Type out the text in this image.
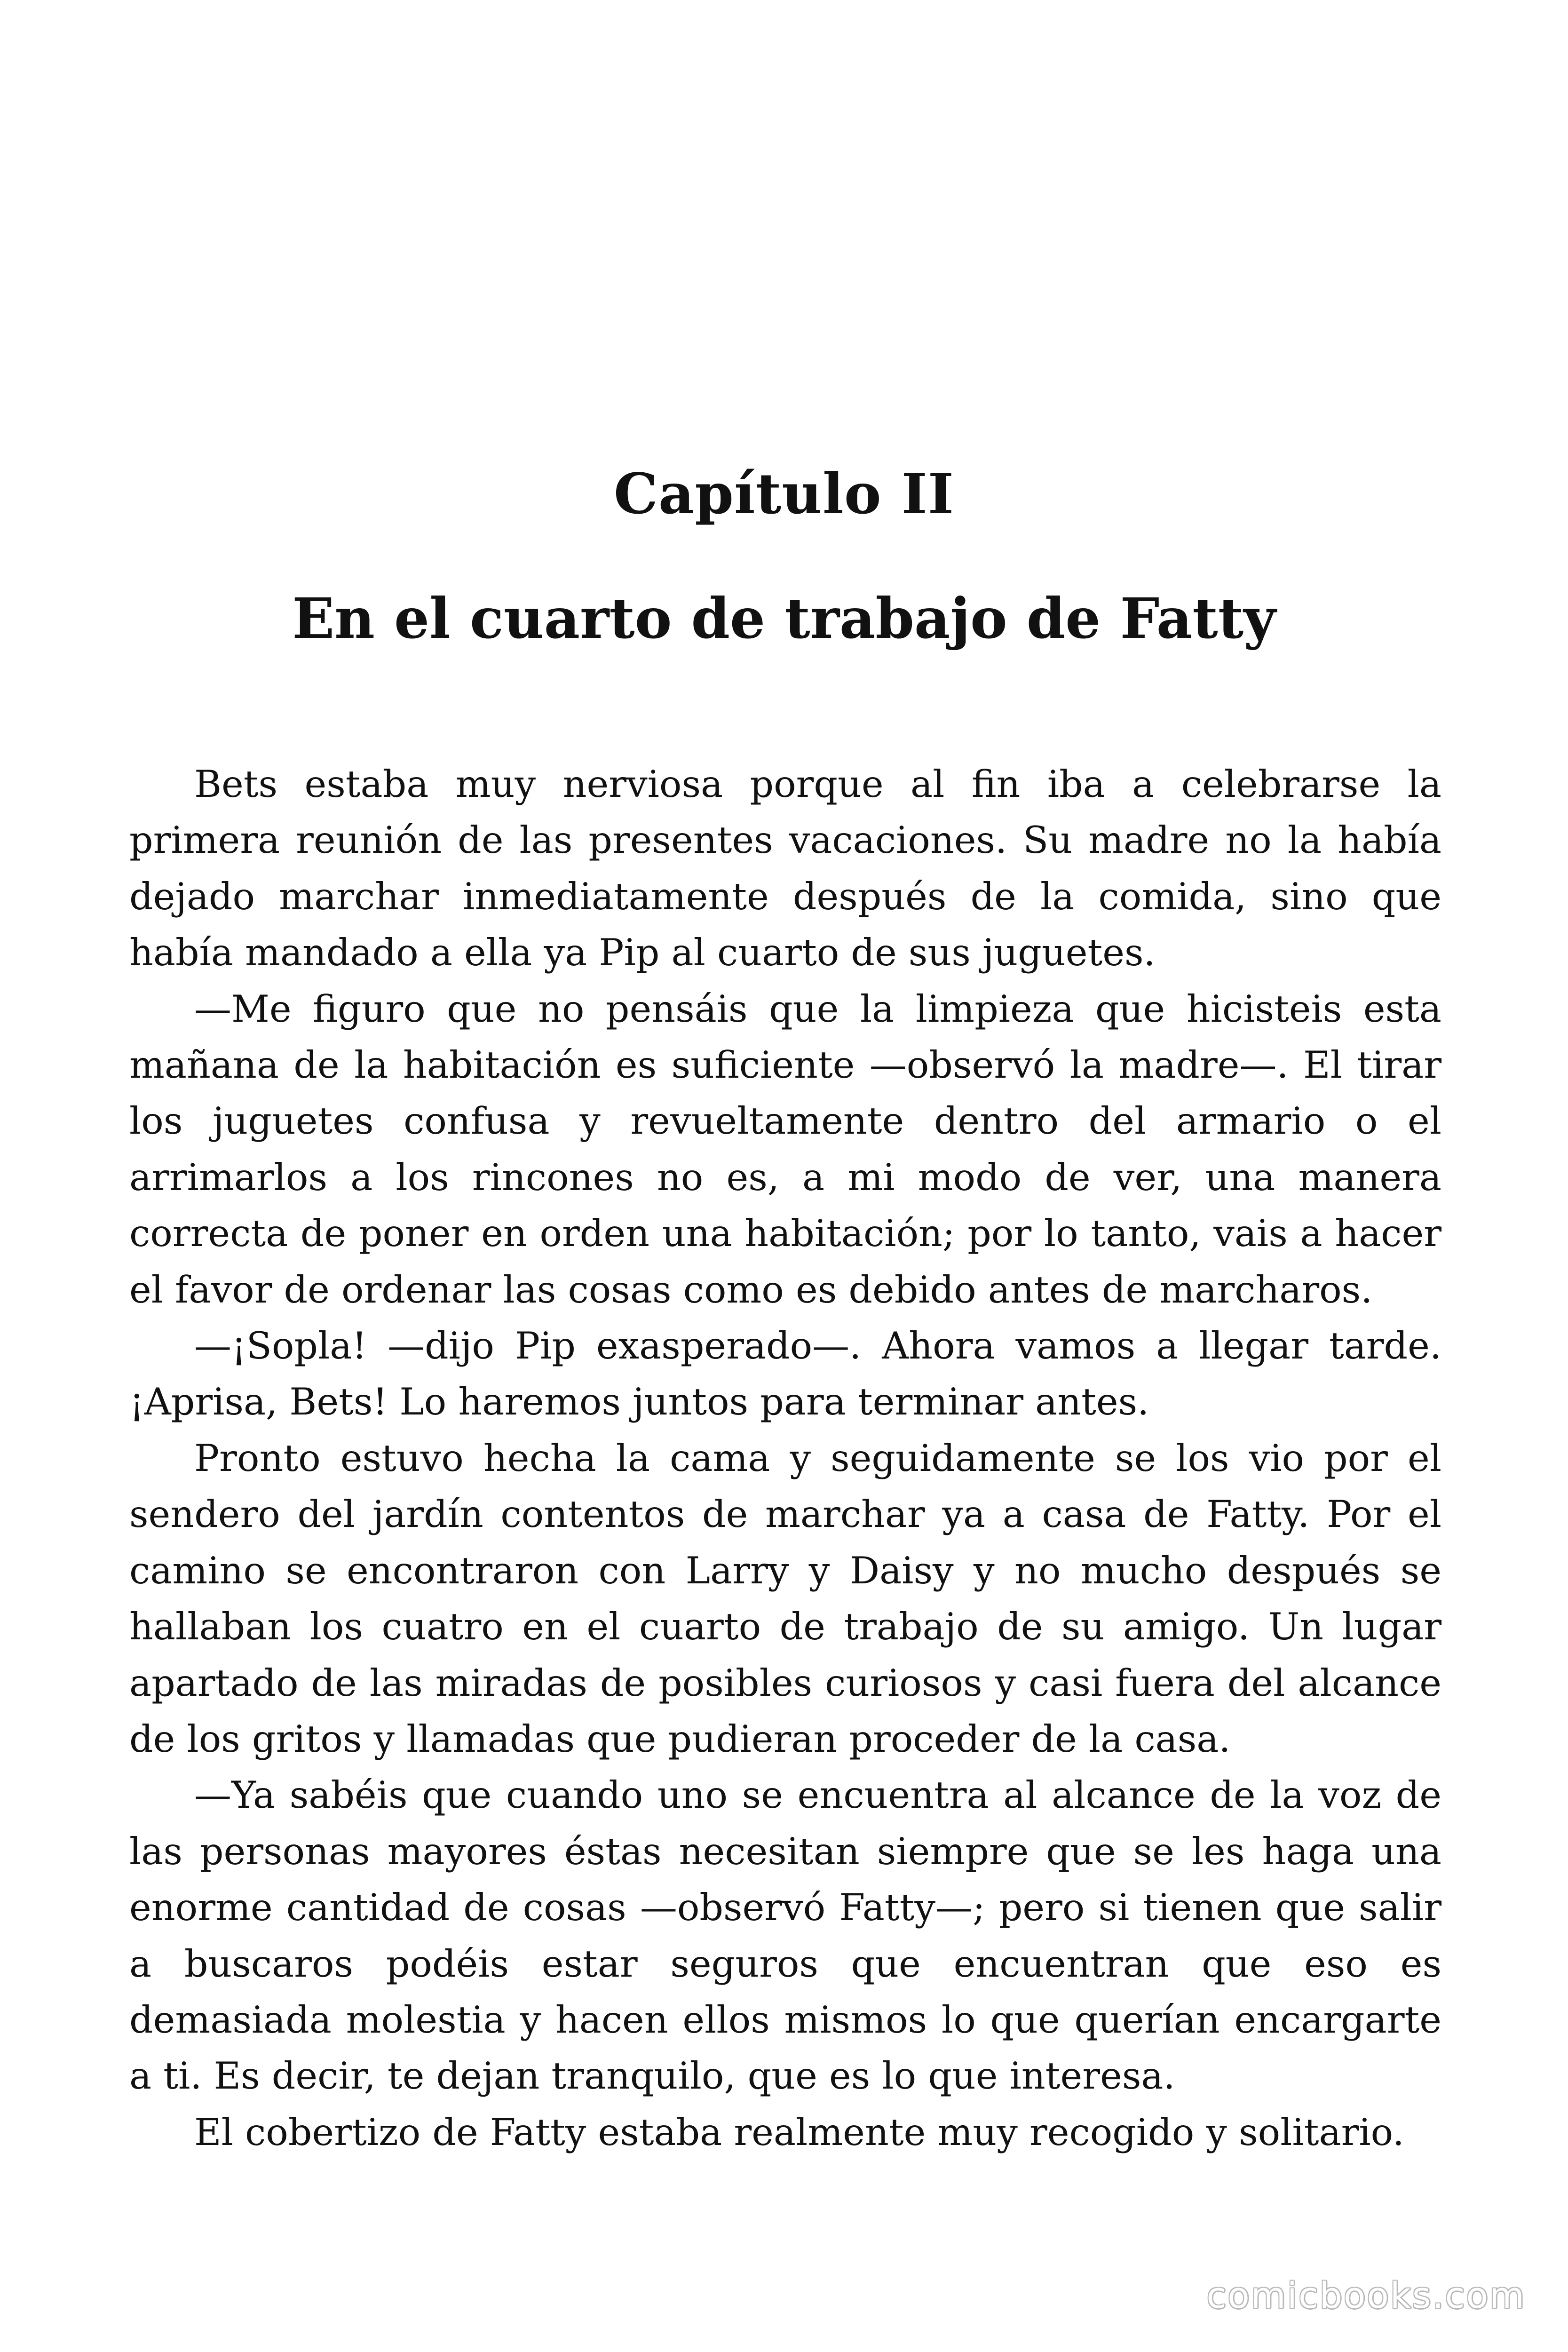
Capítulo II
En el cuarto de trabajo de Fatty

Bets estaba muy nerviosa porque al fin iba a celebrarse la primera reunión de las presentes vacaciones. Su madre no la había dejado marchar inmediatamente después de la comida, sino que había mandado a ella ya Pip al cuarto de sus juguetes.

—Me figuro que no pensáis que la limpieza que hicisteis esta mañana de la habitación es suficiente —observó la madre—. El tirar los juguetes confusa y revueltamente dentro del armario o el arrimarlos a los rincones no es, a mi modo de ver, una manera correcta de poner en orden una habitación; por lo tanto, vais a hacer el favor de ordenar las cosas como es debido antes de marcharos.

—¡Sopla! —dijo Pip exasperado—. Ahora vamos a llegar tarde. ¡Aprisa, Bets! Lo haremos juntos para terminar antes.

Pronto estuvo hecha la cama y seguidamente se los vio por el sendero del jardín contentos de marchar ya a casa de Fatty. Por el camino se encontraron con Larry y Daisy y no mucho después se hallaban los cuatro en el cuarto de trabajo de su amigo. Un lugar apartado de las miradas de posibles curiosos y casi fuera del alcance de los gritos y llamadas que pudieran proceder de la casa.

—Ya sabéis que cuando uno se encuentra al alcance de la voz de las personas mayores éstas necesitan siempre que se les haga una enorme cantidad de cosas —observó Fatty—; pero si tienen que salir a buscaros podéis estar seguros que encuentran que eso es demasiada molestia y hacen ellos mismos lo que querían encargarte a ti. Es decir, te dejan tranquilo, que es lo que interesa.

El cobertizo de Fatty estaba realmente muy recogido y solitario.

comicbooks.com
